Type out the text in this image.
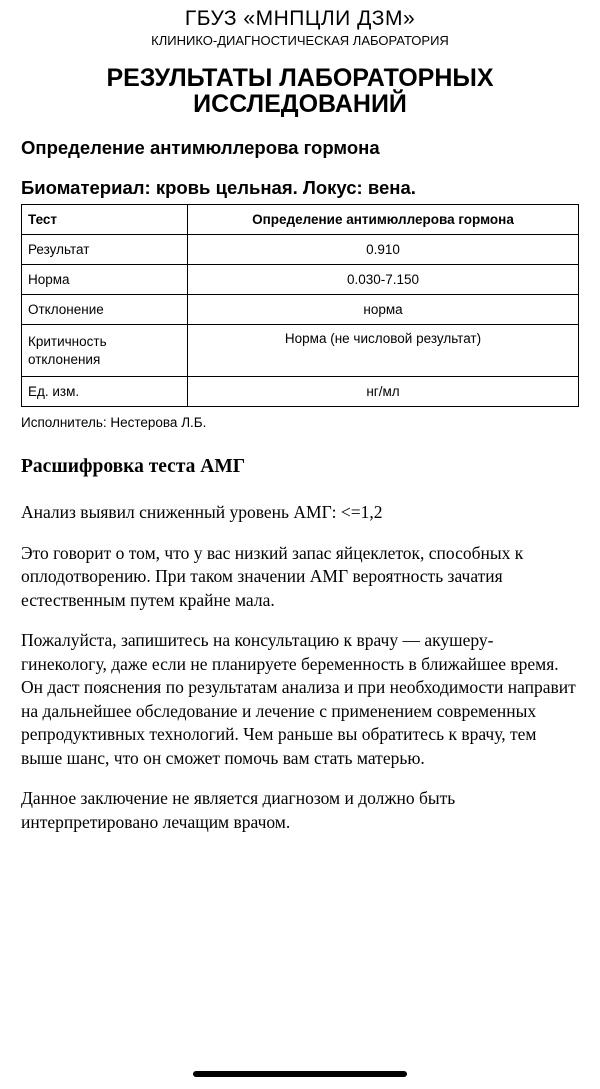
ГБУЗ «МНПЦЛИ ДЗМ»
КЛИНИКО-ДИАГНОСТИЧЕСКАЯ ЛАБОРАТОРИЯ
РЕЗУЛЬТАТЫ ЛАБОРАТОРНЫХ ИССЛЕДОВАНИЙ
Определение антимюллерова гормона
Биоматериал: кровь цельная. Локус: вена.
Тест	Определение антимюллерова гормона
Результат	0.910
Норма	0.030-7.150
Отклонение	норма
Критичность отклонения	Норма (не числовой результат)
Ед. изм.	нг/мл
Исполнитель: Нестерова Л.Б.
Расшифровка теста АМГ

Анализ выявил сниженный уровень АМГ: <=1,2

Это говорит о том, что у вас низкий запас яйцеклеток, способных к оплодотворению. При таком значении АМГ вероятность зачатия естественным путем крайне мала.

Пожалуйста, запишитесь на консультацию к врачу — акушеру-гинекологу, даже если не планируете беременность в ближайшее время. Он даст пояснения по результатам анализа и при необходимости направит на дальнейшее обследование и лечение с применением современных репродуктивных технологий. Чем раньше вы обратитесь к врачу, тем выше шанс, что он сможет помочь вам стать матерью.

Данное заключение не является диагнозом и должно быть интерпретировано лечащим врачом.
